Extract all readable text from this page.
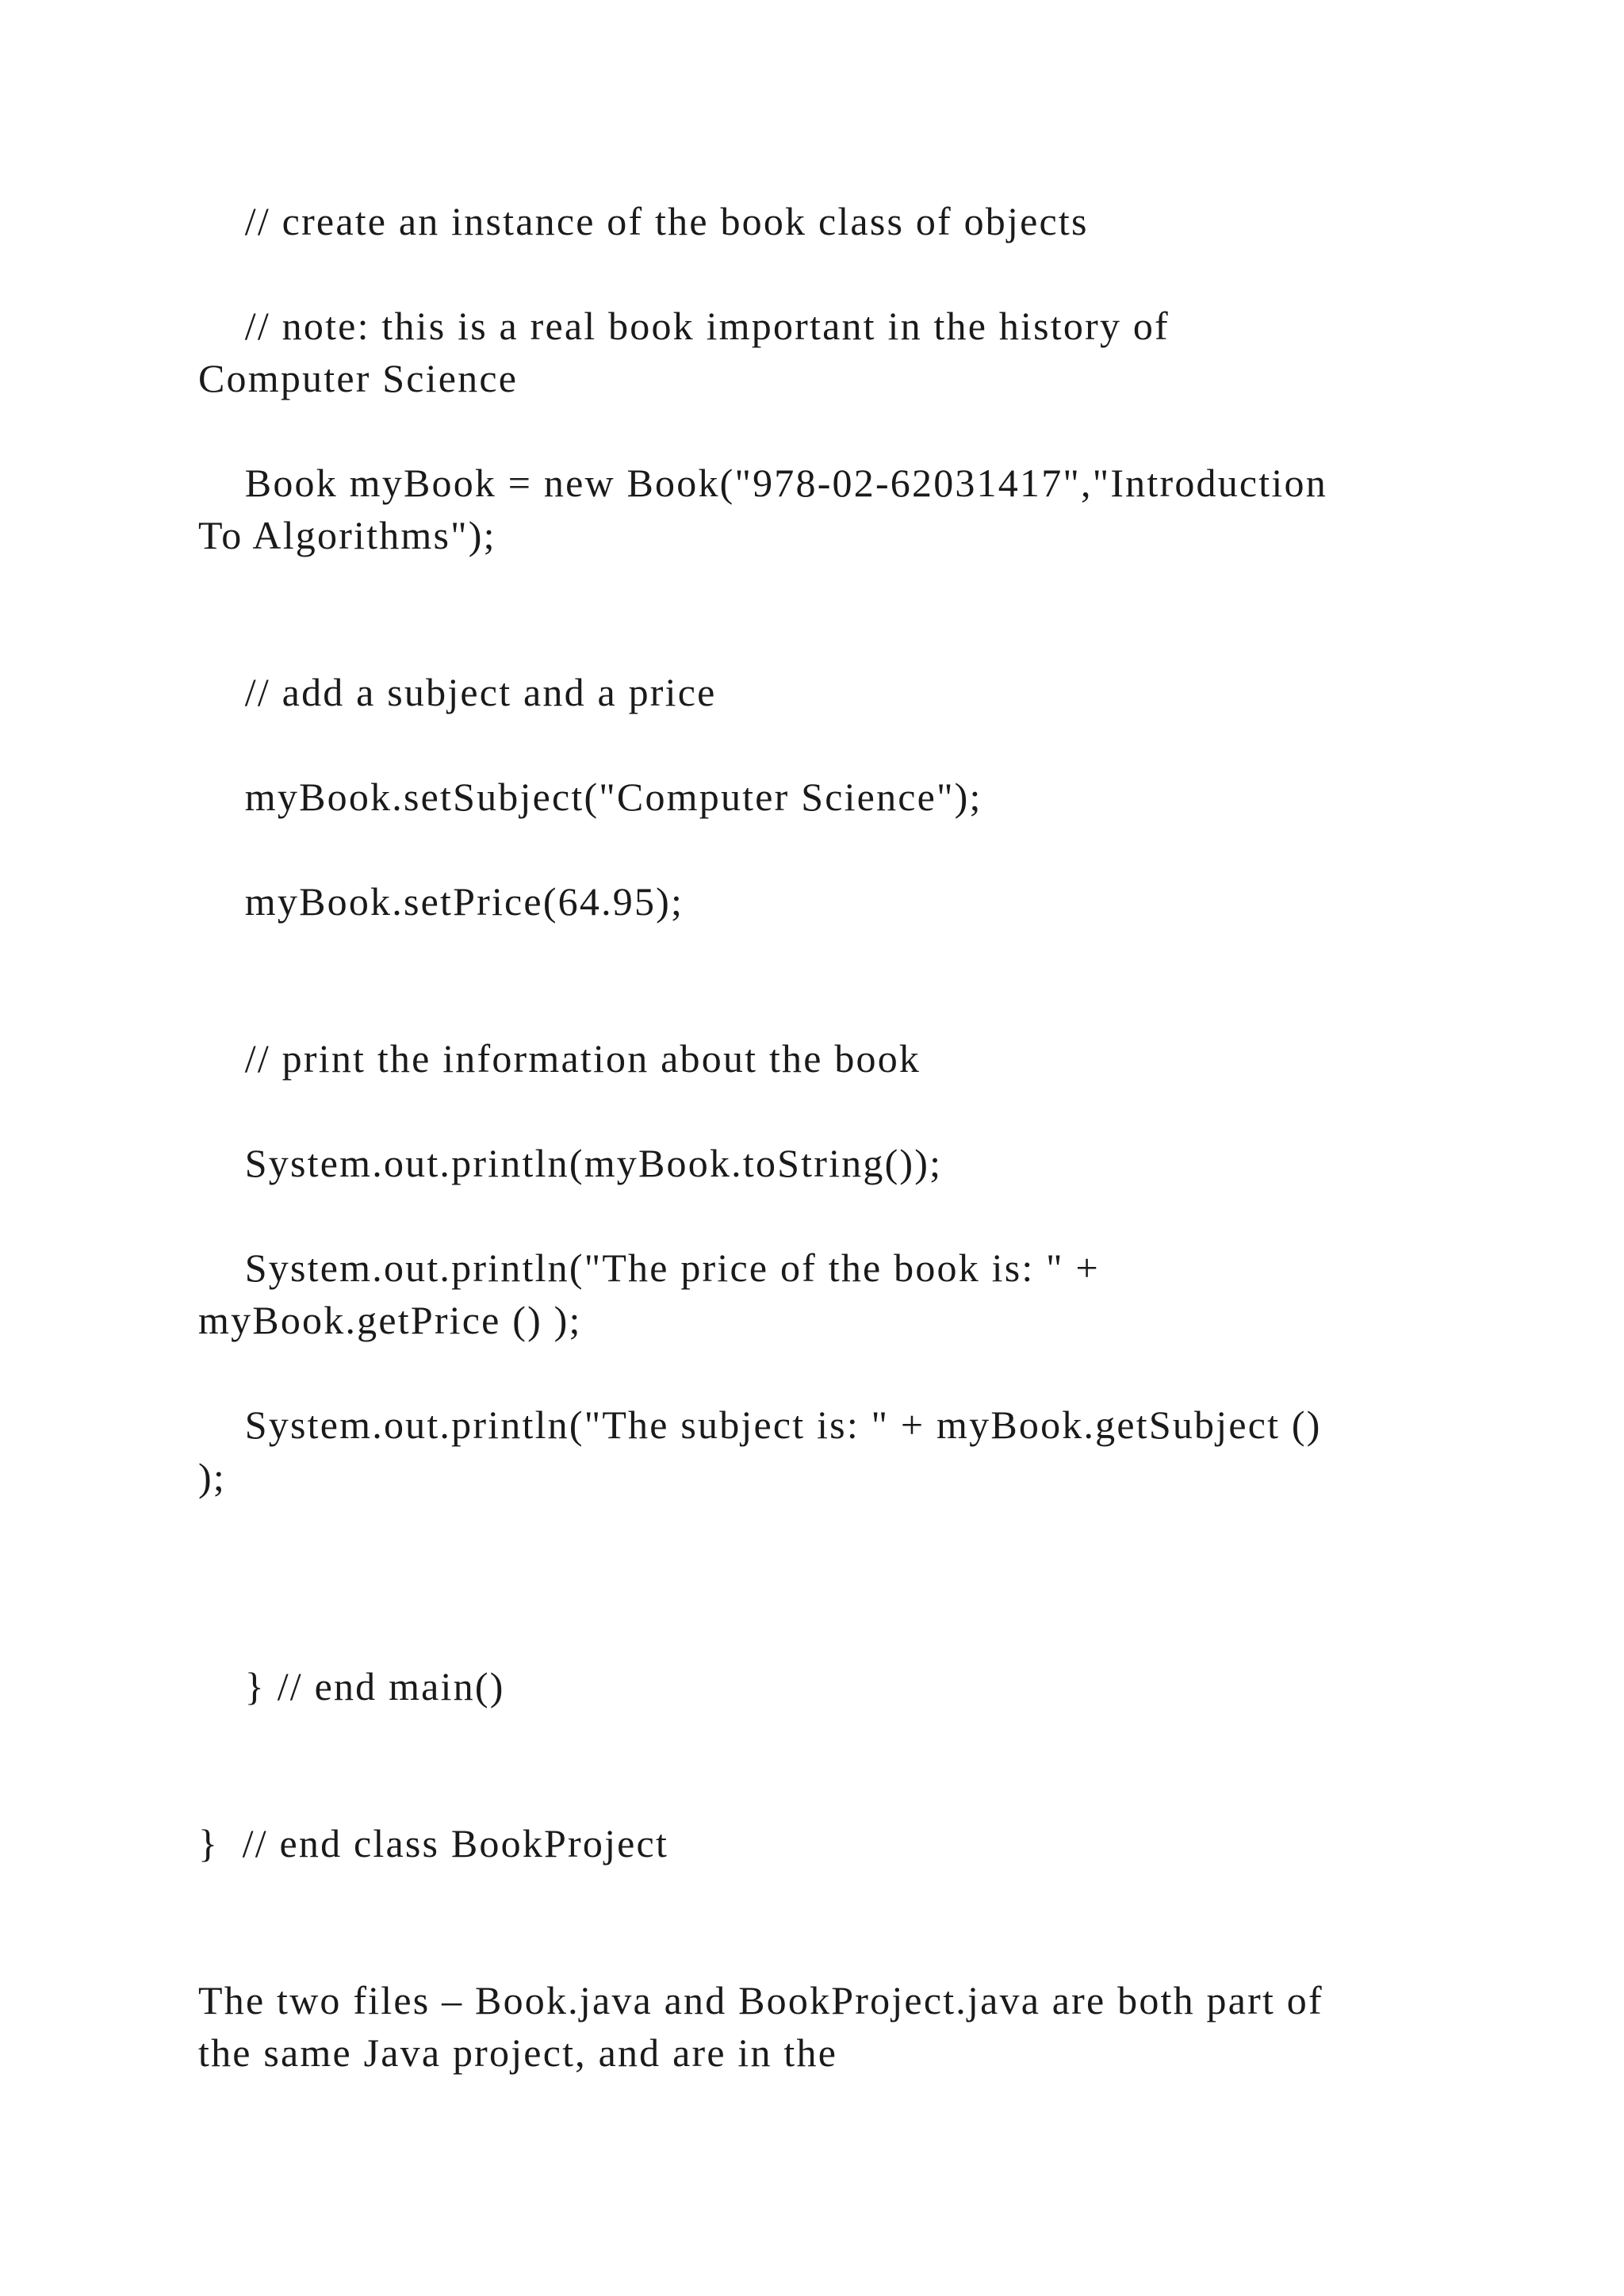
// create an instance of the book class of objects
// note: this is a real book important in the history of
Computer Science
Book myBook = new Book("978-02-62031417","Introduction
To Algorithms");
// add a subject and a price
myBook.setSubject("Computer Science");
myBook.setPrice(64.95);
// print the information about the book
System.out.println(myBook.toString());
System.out.println("The price of the book is: " +
myBook.getPrice () );
System.out.println("The subject is: " + myBook.getSubject ()
);
} // end main()
}  // end class BookProject
The two files – Book.java and BookProject.java are both part of
the same Java project, and are in the
